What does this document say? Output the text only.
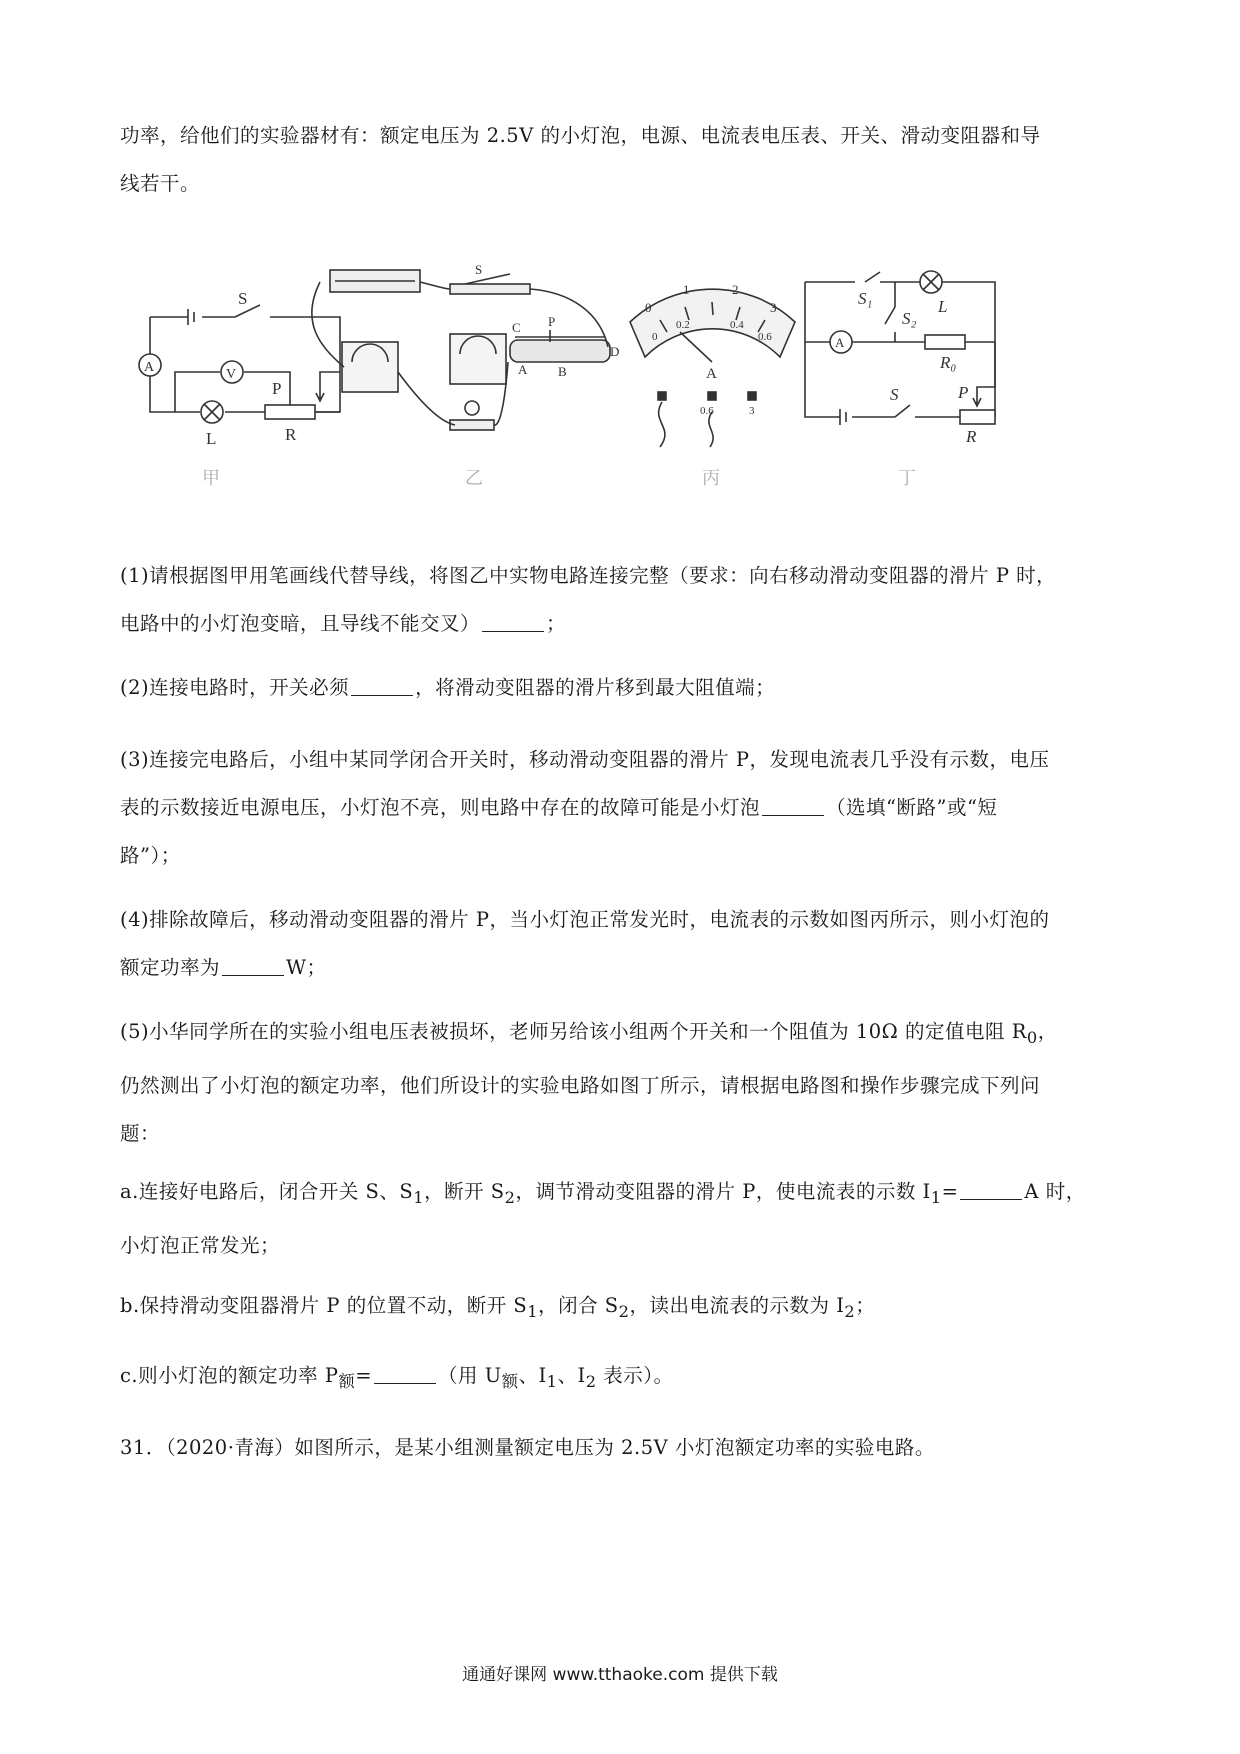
功率，给他们的实验器材有：额定电压为 2.5V 的小灯泡，电源、电流表电压表、开关、滑动变阻器和导
线若干。
S
A	V
P
R
L
S
C P
D
A B
0
1	2
3
0
0.2	0.4
0.6
A
0.6	3
S₁
S₂
L
A
R₀
S	P
R
甲	乙	丙	丁
(1)请根据图甲用笔画线代替导线，将图乙中实物电路连接完整（要求：向右移动滑动变阻器的滑片 P 时，
电路中的小灯泡变暗，且导线不能交叉）	；
(2)连接电路时，开关必须	，将滑动变阻器的滑片移到最大阻值端；
(3)连接完电路后，小组中某同学闭合开关时，移动滑动变阻器的滑片 P，发现电流表几乎没有示数，电压
表的示数接近电源电压，小灯泡不亮，则电路中存在的故障可能是小灯泡	（选填“断路”或“短
路”）；
(4)排除故障后，移动滑动变阻器的滑片 P，当小灯泡正常发光时，电流表的示数如图丙所示，则小灯泡的
额定功率为	W；
(5)小华同学所在的实验小组电压表被损坏，老师另给该小组两个开关和一个阻值为 10Ω 的定值电阻 $R_0$，
仍然测出了小灯泡的额定功率，他们所设计的实验电路如图丁所示，请根据电路图和操作步骤完成下列问
题：
a.连接好电路后，闭合开关 S、$S_1$，断开 $S_2$，调节滑动变阻器的滑片 P，使电流表的示数 $I_1=$	A 时，
小灯泡正常发光；
b.保持滑动变阻器滑片 P 的位置不动，断开 $S_1$，闭合 $S_2$，读出电流表的示数为 $I_2$；
c.则小灯泡的额定功率 $P_额=$	（用 $U_额$、$I_1$、$I_2$ 表示）。
31．（2020·青海）如图所示，是某小组测量额定电压为 2.5V 小灯泡额定功率的实验电路。
通通好课网 www.tthaoke.com 提供下载
